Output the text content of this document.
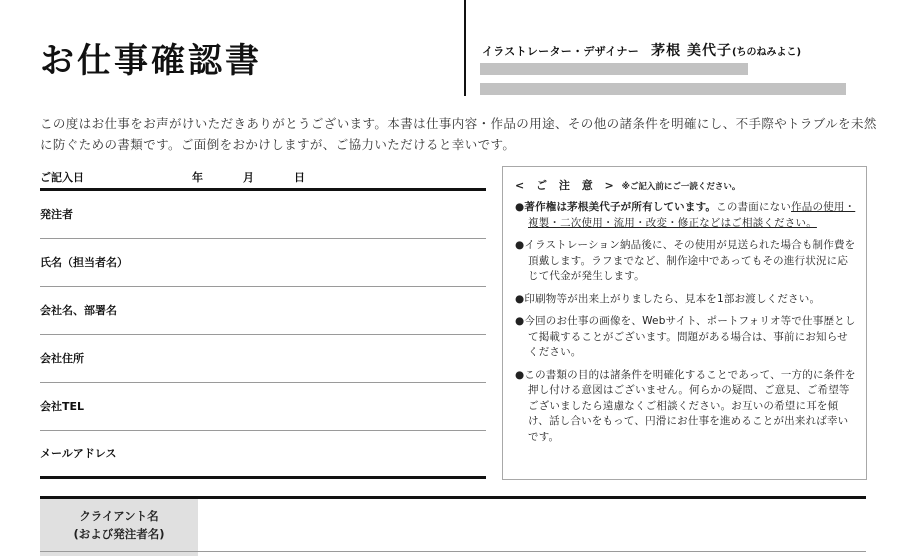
お仕事確認書	イラストレーター・デザイナー 茅根 美代子(ちのねみよこ)
この度はお仕事をお声がけいただきありがとうございます。本書は仕事内容・作品の用途、その他の諸条件を明確にし、不手際やトラブルを未然に防ぐための書類です。ご面倒をおかけしますが、ご協力いただけると幸いです。
ご記入日	年	月	日
発注者
氏名（担当者名）
会社名、部署名
会社住所
会社TEL
メールアドレス
< ご 注 意 > ※ご記入前にご一読ください。
●著作権は茅根美代子が所有しています。この書面にない作品の使用・複製・二次使用・流用・改変・修正などはご相談ください。
●イラストレーション納品後に、その使用が見送られた場合も制作費を頂戴します。ラフまでなど、制作途中であってもその進行状況に応じて代金が発生します。
●印刷物等が出来上がりましたら、見本を1部お渡しください。
●今回のお仕事の画像を、Webサイト、ポートフォリオ等で仕事歴として掲載することがございます。問題がある場合は、事前にお知らせください。
●この書類の目的は諸条件を明確化することであって、一方的に条件を押し付ける意図はございません。何らかの疑問、ご意見、ご希望等ございましたら遠慮なくご相談ください。お互いの希望に耳を傾け、話し合いをもって、円滑にお仕事を進めることが出来れば幸いです。
クライアント名
(および発注者名)
